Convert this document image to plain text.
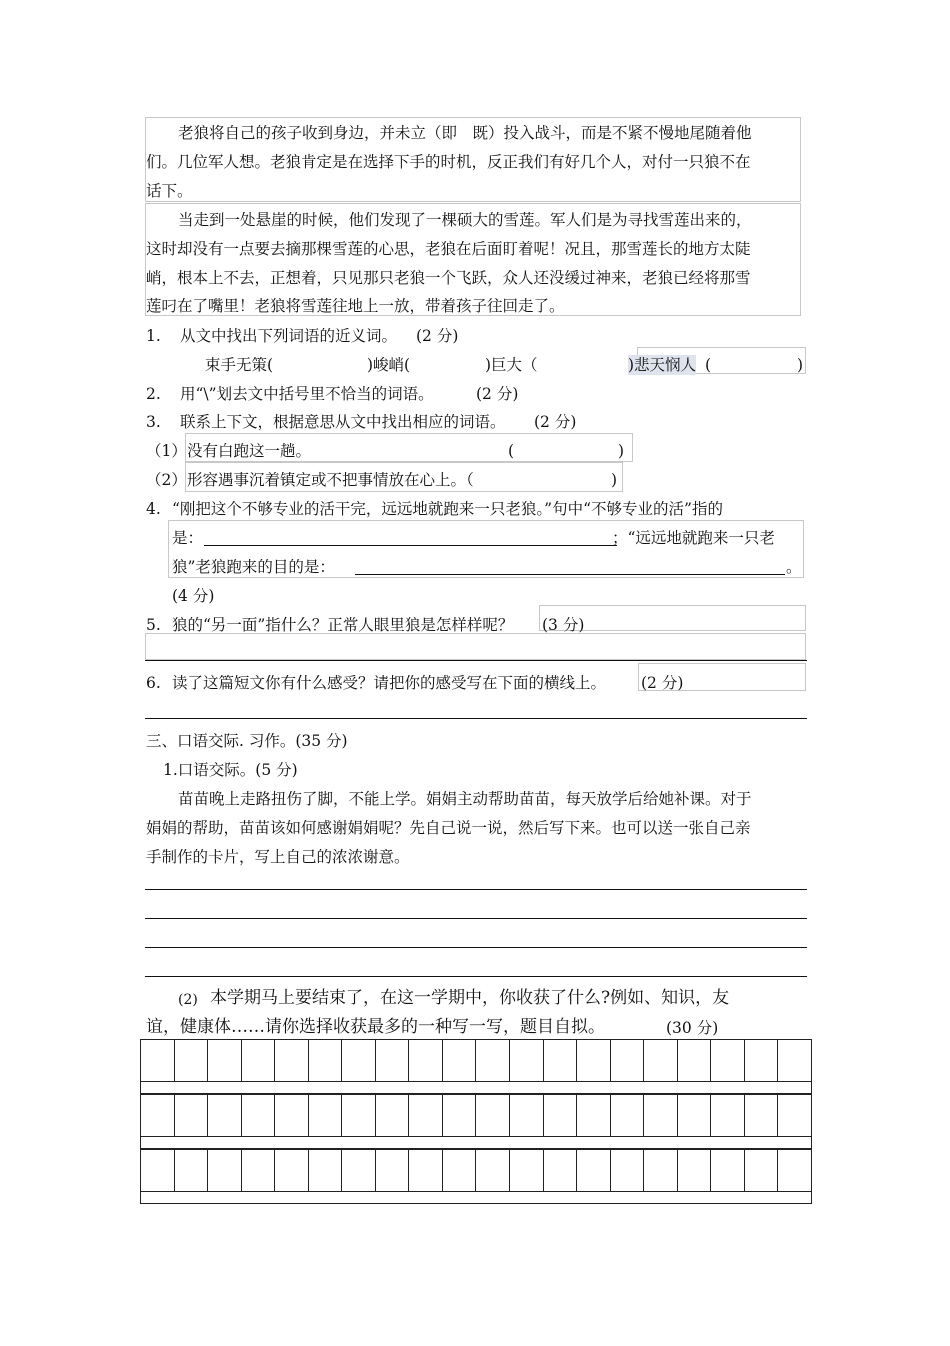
老狼将自己的孩子收到身边，并未立（即　既）投入战斗，而是不紧不慢地尾随着他
们。几位军人想。老狼肯定是在选择下手的时机，反正我们有好几个人，对付一只狼不在
话下。
当走到一处悬崖的时候，他们发现了一棵硕大的雪莲。军人们是为寻找雪莲出来的，
这时却没有一点要去摘那棵雪莲的心思，老狼在后面盯着呢！况且，那雪莲长的地方太陡
峭，根本上不去，正想着，只见那只老狼一个飞跃，众人还没缓过神来，老狼已经将那雪
莲叼在了嘴里！老狼将雪莲往地上一放，带着孩子往回走了。
1. 从文中找出下列词语的近义词。 (2 分)
束手无策(	)峻峭(	)巨大（	)悲天悯人 (	)
2. 用“\”划去文中括号里不恰当的词语。	(2 分)
3. 联系上下文，根据意思从文中找出相应的词语。 (2 分)
（1） 没有白跑这一趟。	(	)
（2） 形容遇事沉着镇定或不把事情放在心上。（	)
4. “刚把这个不够专业的活干完，远远地就跑来一只老狼。”句中“不够专业的活”指的
是：	；“远远地就跑来一只老
狼”老狼跑来的目的是：	。
(4 分)
5. 狼的“另一面”指什么？正常人眼里狼是怎样样呢？ (3 分)
6. 读了这篇短文你有什么感受？请把你的感受写在下面的横线上。 (2 分)
三、口语交际. 习作。(35 分)
1.口语交际。(5 分)
苗苗晚上走路扭伤了脚，不能上学。娟娟主动帮助苗苗，每天放学后给她补课。对于
娟娟的帮助，苗苗该如何感谢娟娟呢？先自己说一说，然后写下来。也可以送一张自己亲
手制作的卡片，写上自己的浓浓谢意。
(2) 本学期马上要结束了，在这一学期中，你收获了什么?例如、知识，友
谊，健康体……请你选择收获最多的一种写一写，题目自拟。	(30 分)
